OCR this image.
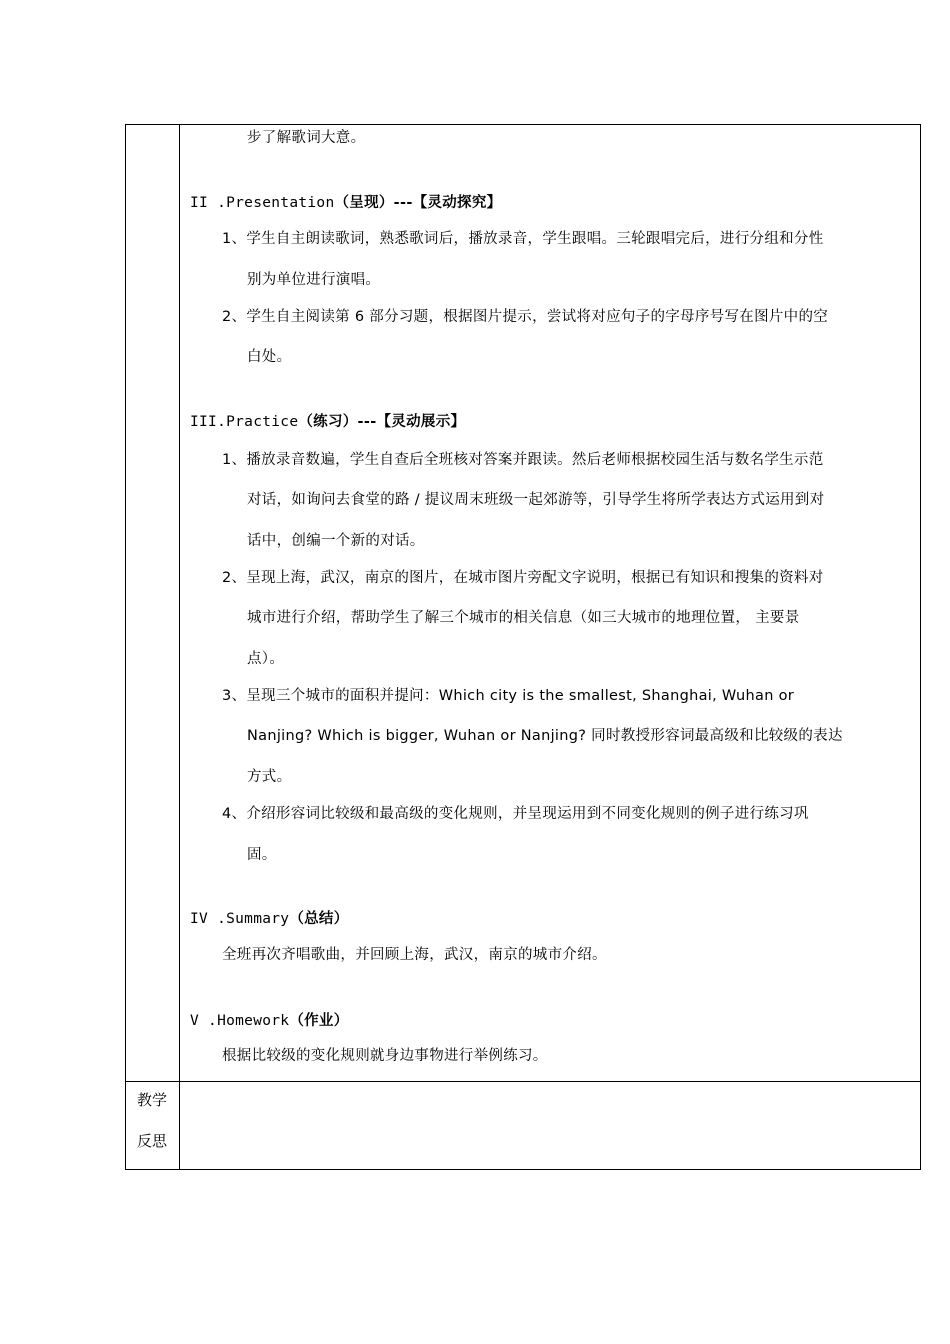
步了解歌词大意。
II .Presentation（呈现）---【灵动探究】
1、学生自主朗读歌词，熟悉歌词后，播放录音，学生跟唱。三轮跟唱完后，进行分组和分性
别为单位进行演唱。
2、学生自主阅读第 6 部分习题，根据图片提示，尝试将对应句子的字母序号写在图片中的空
白处。
III.Practice（练习）---【灵动展示】
1、播放录音数遍，学生自查后全班核对答案并跟读。然后老师根据校园生活与数名学生示范
对话，如询问去食堂的路 / 提议周末班级一起郊游等，引导学生将所学表达方式运用到对
话中，创编一个新的对话。
2、呈现上海，武汉，南京的图片，在城市图片旁配文字说明，根据已有知识和搜集的资料对
城市进行介绍，帮助学生了解三个城市的相关信息（如三大城市的地理位置， 主要景
点）。
3、呈现三个城市的面积并提问：Which city is the smallest, Shanghai, Wuhan or
Nanjing? Which is bigger, Wuhan or Nanjing? 同时教授形容词最高级和比较级的表达
方式。
4、介绍形容词比较级和最高级的变化规则，并呈现运用到不同变化规则的例子进行练习巩
固。
IV .Summary（总结）
全班再次齐唱歌曲，并回顾上海，武汉，南京的城市介绍。
V .Homework（作业）
根据比较级的变化规则就身边事物进行举例练习。
教学
反思
